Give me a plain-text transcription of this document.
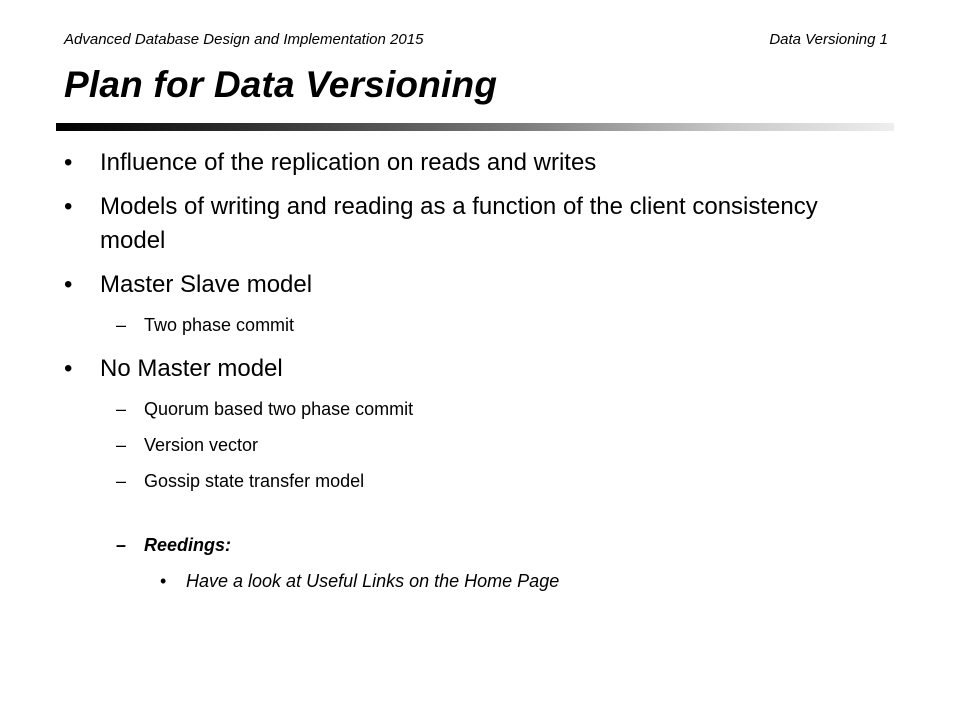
Advanced Database Design and Implementation 2015	Data Versioning 1
Plan for Data Versioning
• Influence of the replication on reads and writes
• Models of writing and reading as a function of the client consistency model
• Master Slave model
– Two phase commit
• No Master model
– Quorum based two phase commit
– Version vector
– Gossip state transfer model
– Reedings:
• Have a look at Useful Links on the Home Page
